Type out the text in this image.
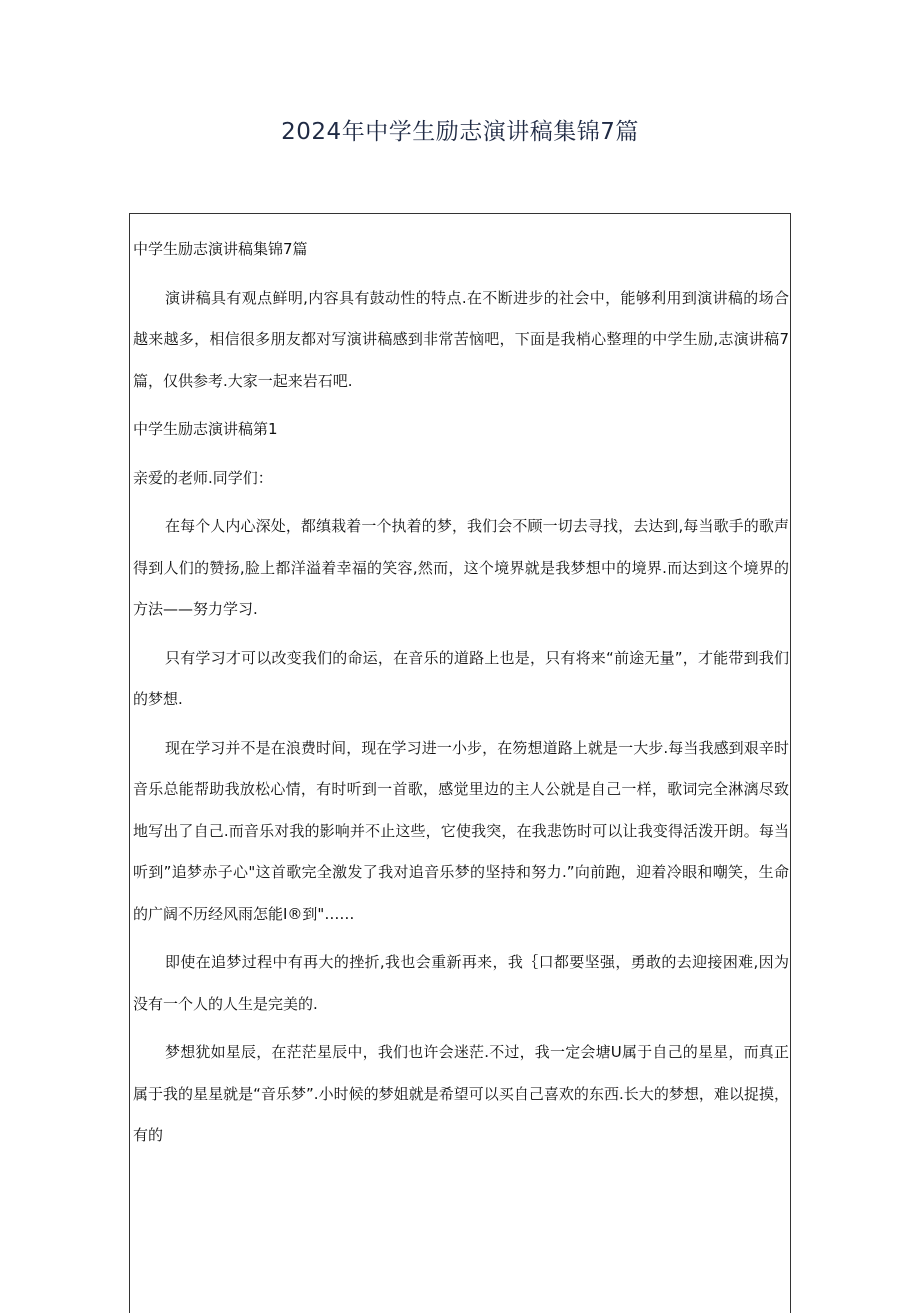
2024年中学生励志演讲稿集锦7篇

中学生励志演讲稿集锦7篇

演讲稿具有观点鲜明,内容具有鼓动性的特点.在不断进步的社会中，能够利用到演讲稿的场合越来越多，相信很多朋友都对写演讲稿感到非常苦恼吧，下面是我梢心整理的中学生励,志演讲稿7篇，仅供参考.大家一起来岩石吧.

中学生励志演讲稿第1

亲爱的老师.同学们：

在每个人内心深处，都缜栽着一个执着的梦，我们会不顾一切去寻找，去达到,每当歌手的歌声得到人们的赞扬,脸上都洋溢着幸福的笑容,然而，这个境界就是我梦想中的境界.而达到这个境界的方法——努力学习.

只有学习才可以改变我们的命运，在音乐的道路上也是，只有将来“前途无量”，才能带到我们的梦想.

现在学习并不是在浪费时间，现在学习进一小步，在笏想道路上就是一大步.每当我感到艰辛时音乐总能帮助我放松心情，有时听到一首歌，感觉里边的主人公就是自己一样，歌词完全淋漓尽致地写出了自己.而音乐对我的影响并不止这些，它使我突，在我悲饬时可以让我变得活泼开朗。每当听到”追梦赤子心"这首歌完全激发了我对追音乐梦的坚持和努力.”向前跑，迎着冷眼和嘲笑，生命的广阔不历经风雨怎能I®到"……

即使在追梦过程中有再大的挫折,我也会重新再来，我｛口都要坚强，勇敢的去迎接困难,因为没有一个人的人生是完美的.

梦想犹如星辰，在茫茫星辰中，我们也许会迷茫.不过，我一定会塘U属于自己的星星，而真正属于我的星星就是“音乐梦”.小时候的梦姐就是希望可以买自己喜欢的东西.长大的梦想，难以捉摸，有的
